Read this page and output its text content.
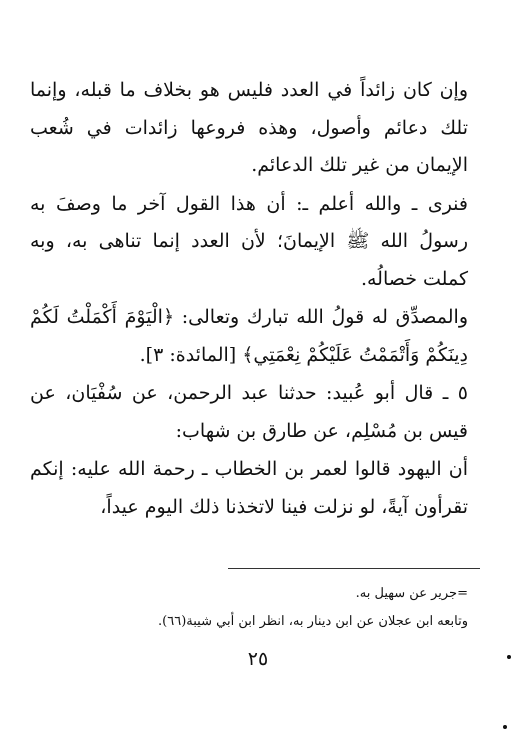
وإن كان زائداً في العدد فليس هو بخلاف ما قبله، وإنما تلك دعائم وأصول، وهذه فروعها زائدات في شُعب الإيمان من غير تلك الدعائم.

فنرى ـ والله أعلم ـ: أن هذا القول آخر ما وصفَ به رسولُ الله ﷺ الإيمانَ؛ لأن العدد إنما تناهى به، وبه كملت خصالُه.

والمصدِّق له قولُ الله تبارك وتعالى: ﴿الْيَوْمَ أَكْمَلْتُ لَكُمْ دِينَكُمْ وَأَتْمَمْتُ عَلَيْكُمْ نِعْمَتِي﴾ [المائدة: ٣].

٥ ـ قال أبو عُبيد: حدثنا عبد الرحمن، عن سُفْيَان، عن قيس بن مُسْلِم، عن طارق بن شهاب:

أن اليهود قالوا لعمر بن الخطاب ـ رحمة الله عليه: إنكم تقرأون آيةً، لو نزلت فينا لاتخذنا ذلك اليوم عيداً،

=جرير عن سهيل به.

وتابعه ابن عجلان عن ابن دينار به، انظر ابن أبي شيبة(٦٦).

٢٥
